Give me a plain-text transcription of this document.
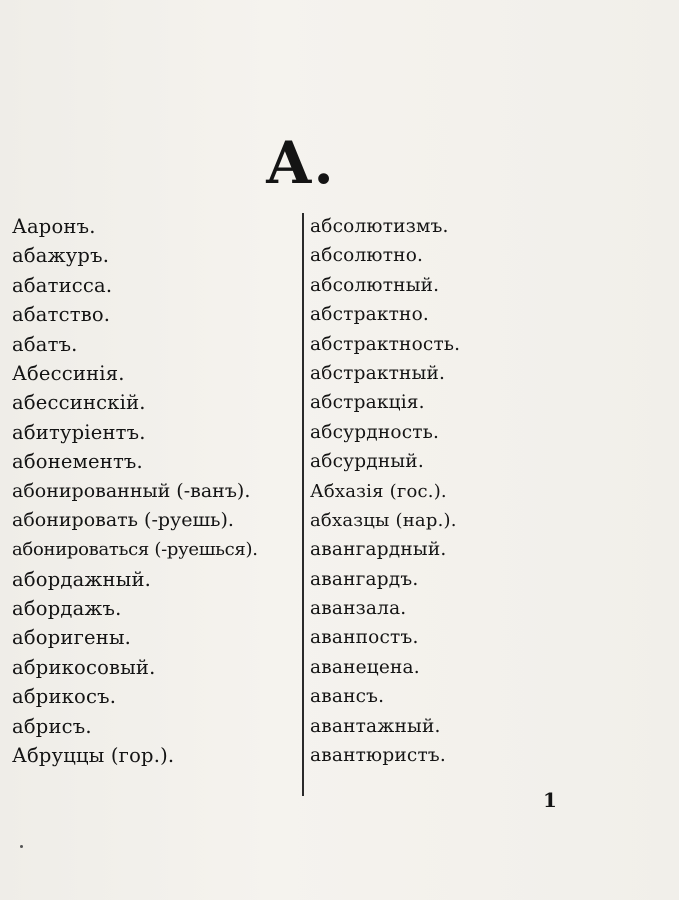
А.
Ааронъ.
абажуръ.
абатисса.
абатство.
абатъ.
Абессинія.
абессинскій.
абитуріентъ.
абонементъ.
абонированный (-ванъ).
абонировать (-руешь).
абонироваться (-руешься).
абордажный.
абордажъ.
аборигены.
абрикосовый.
абрикосъ.
абрисъ.
Абруццы (гор.).
абсолютизмъ.
абсолютно.
абсолютный.
абстрактно.
абстрактность.
абстрактный.
абстракція.
абсурдность.
абсурдный.
Абхазія (гос.).
абхазцы (нар.).
авангардный.
авангардъ.
аванзала.
аванпостъ.
аванецена.
авансъ.
авантажный.
авантюристъ.
1
